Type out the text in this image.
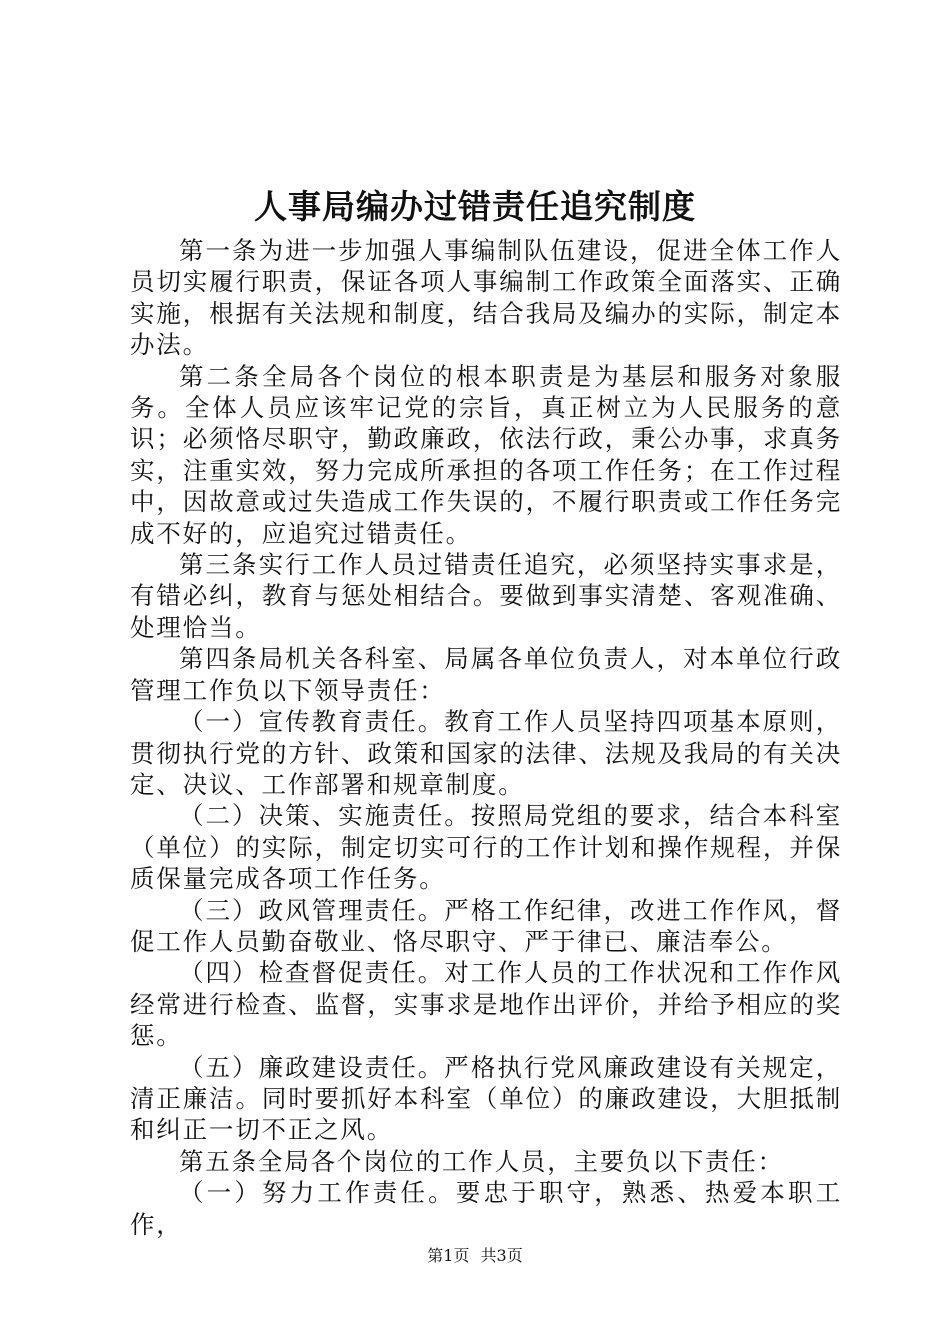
人事局编办过错责任追究制度

第一条为进一步加强人事编制队伍建设，促进全体工作人员切实履行职责，保证各项人事编制工作政策全面落实、正确实施，根据有关法规和制度，结合我局及编办的实际，制定本办法。

第二条全局各个岗位的根本职责是为基层和服务对象服务。全体人员应该牢记党的宗旨，真正树立为人民服务的意识；必须恪尽职守，勤政廉政，依法行政，秉公办事，求真务实，注重实效，努力完成所承担的各项工作任务；在工作过程中，因故意或过失造成工作失误的，不履行职责或工作任务完成不好的，应追究过错责任。

第三条实行工作人员过错责任追究，必须坚持实事求是，有错必纠，教育与惩处相结合。要做到事实清楚、客观准确、处理恰当。

第四条局机关各科室、局属各单位负责人，对本单位行政管理工作负以下领导责任：

（一）宣传教育责任。教育工作人员坚持四项基本原则，贯彻执行党的方针、政策和国家的法律、法规及我局的有关决定、决议、工作部署和规章制度。

（二）决策、实施责任。按照局党组的要求，结合本科室（单位）的实际，制定切实可行的工作计划和操作规程，并保质保量完成各项工作任务。

（三）政风管理责任。严格工作纪律，改进工作作风，督促工作人员勤奋敬业、恪尽职守、严于律已、廉洁奉公。

（四）检查督促责任。对工作人员的工作状况和工作作风经常进行检查、监督，实事求是地作出评价，并给予相应的奖惩。

（五）廉政建设责任。严格执行党风廉政建设有关规定，清正廉洁。同时要抓好本科室（单位）的廉政建设，大胆抵制和纠正一切不正之风。

第五条全局各个岗位的工作人员，主要负以下责任：

（一）努力工作责任。要忠于职守，熟悉、热爱本职工作，

第1页 共3页
